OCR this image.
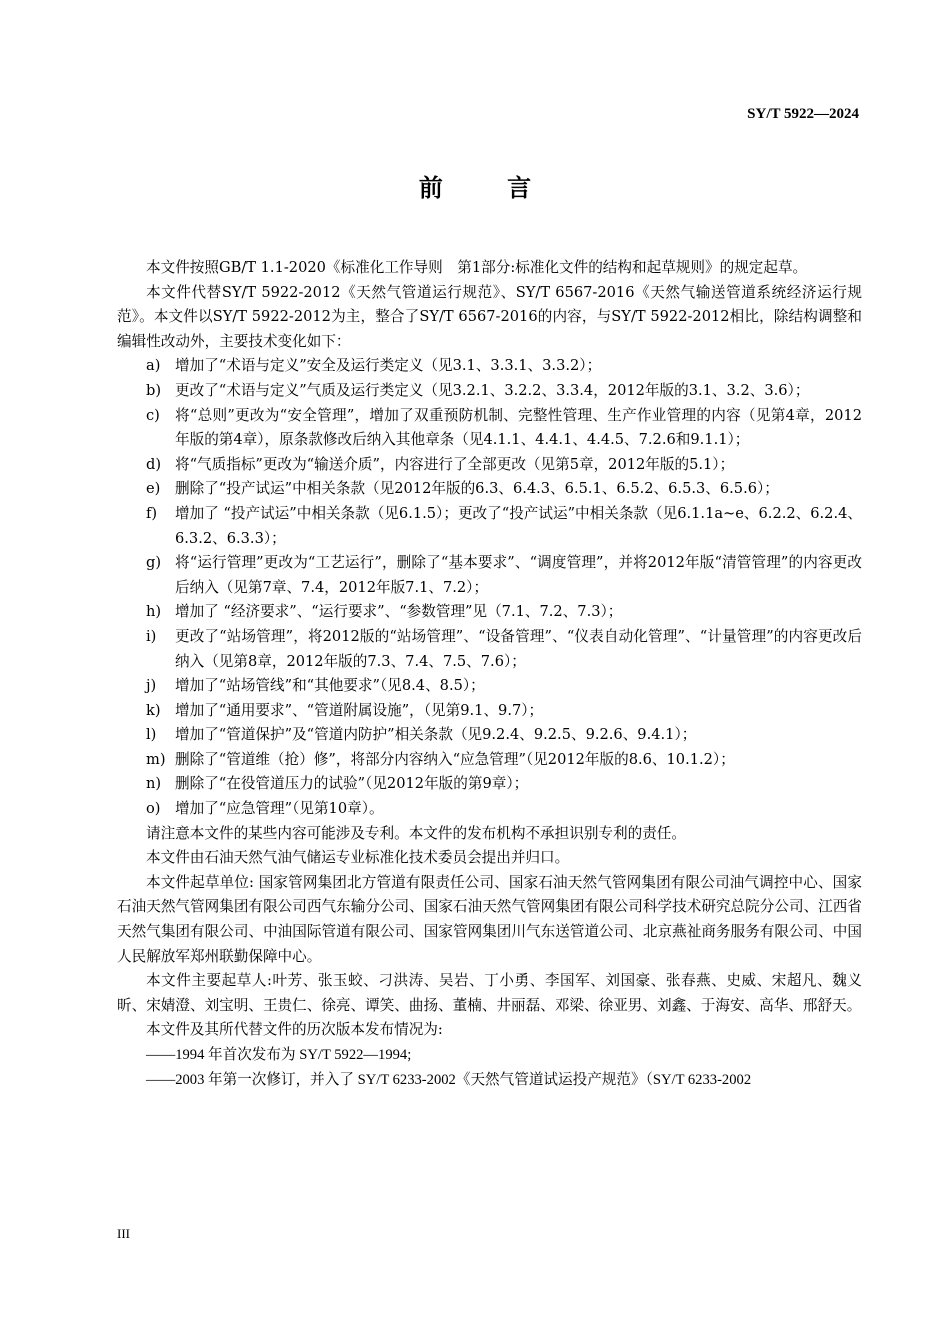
SY/T 5922—2024
前 言

本文件按照GB/T 1.1-2020《标准化工作导则　第1部分:标准化文件的结构和起草规则》的规定起草。

本文件代替SY/T 5922-2012《天然气管道运行规范》、SY/T 6567-2016《天然气输送管道系统经济运行规范》。本文件以SY/T 5922-2012为主，整合了SY/T 6567-2016的内容，与SY/T 5922-2012相比，除结构调整和编辑性改动外，主要技术变化如下：

a) 增加了“术语与定义”安全及运行类定义（见3.1、3.3.1、3.3.2）；

b) 更改了“术语与定义”气质及运行类定义（见3.2.1、3.2.2、3.3.4，2012年版的3.1、3.2、3.6）；

c)	将“总则”更改为“安全管理”，增加了双重预防机制、完整性管理、生产作业管理的内容（见第4章，2012年版的第4章），原条款修改后纳入其他章条（见4.1.1、4.4.1、4.4.5、7.2.6和9.1.1）；

d) 将“气质指标”更改为“输送介质”，内容进行了全部更改（见第5章，2012年版的5.1）；

e)	删除了“投产试运”中相关条款（见2012年版的6.3、6.4.3、6.5.1、6.5.2、6.5.3、6.5.6）；

f)	增加了 “投产试运”中相关条款（见6.1.5）；更改了“投产试运”中相关条款（见6.1.1a~e、6.2.2、6.2.4、6.3.2、6.3.3）；

g) 将“运行管理”更改为“工艺运行”，删除了“基本要求”、“调度管理”，并将2012年版“清管管理”的内容更改后纳入（见第7章、7.4，2012年版7.1、7.2）；

h) 增加了 “经济要求”、“运行要求”、“参数管理”见（7.1、7.2、7.3）；

i)	更改了“站场管理”，将2012版的“站场管理”、“设备管理”、“仪表自动化管理”、“计量管理”的内容更改后纳入（见第8章，2012年版的7.3、7.4、7.5、7.6）；

j)	增加了“站场管线”和“其他要求”（见8.4、8.5）；

k) 增加了“通用要求”、“管道附属设施”，（见第9.1、9.7）；

l)	增加了“管道保护”及“管道内防护”相关条款（见9.2.4、9.2.5、9.2.6、9.4.1）；

m) 删除了“管道维（抢）修”，将部分内容纳入“应急管理”（见2012年版的8.6、10.1.2）；

n) 删除了“在役管道压力的试验”（见2012年版的第9章）；

o) 增加了“应急管理”（见第10章）。

请注意本文件的某些内容可能涉及专利。本文件的发布机构不承担识别专利的责任。

本文件由石油天然气油气储运专业标准化技术委员会提出并归口。

本文件起草单位: 国家管网集团北方管道有限责任公司、国家石油天然气管网集团有限公司油气调控中心、国家石油天然气管网集团有限公司西气东输分公司、国家石油天然气管网集团有限公司科学技术研究总院分公司、江西省天然气集团有限公司、中油国际管道有限公司、国家管网集团川气东送管道公司、北京燕祉商务服务有限公司、中国人民解放军郑州联勤保障中心。

本文件主要起草人:叶芳、张玉蛟、刁洪涛、吴岩、丁小勇、李国军、刘国豪、张春燕、史威、宋超凡、魏义昕、宋婧澄、刘宝明、王贵仁、徐亮、谭笑、曲扬、董楠、井丽磊、邓梁、徐亚男、刘鑫、于海安、高华、邢舒天。

本文件及其所代替文件的历次版本发布情况为:

——1994 年首次发布为 SY/T 5922—1994;

——2003 年第一次修订，并入了 SY/T 6233-2002《天然气管道试运投产规范》（SY/T 6233-2002

III
